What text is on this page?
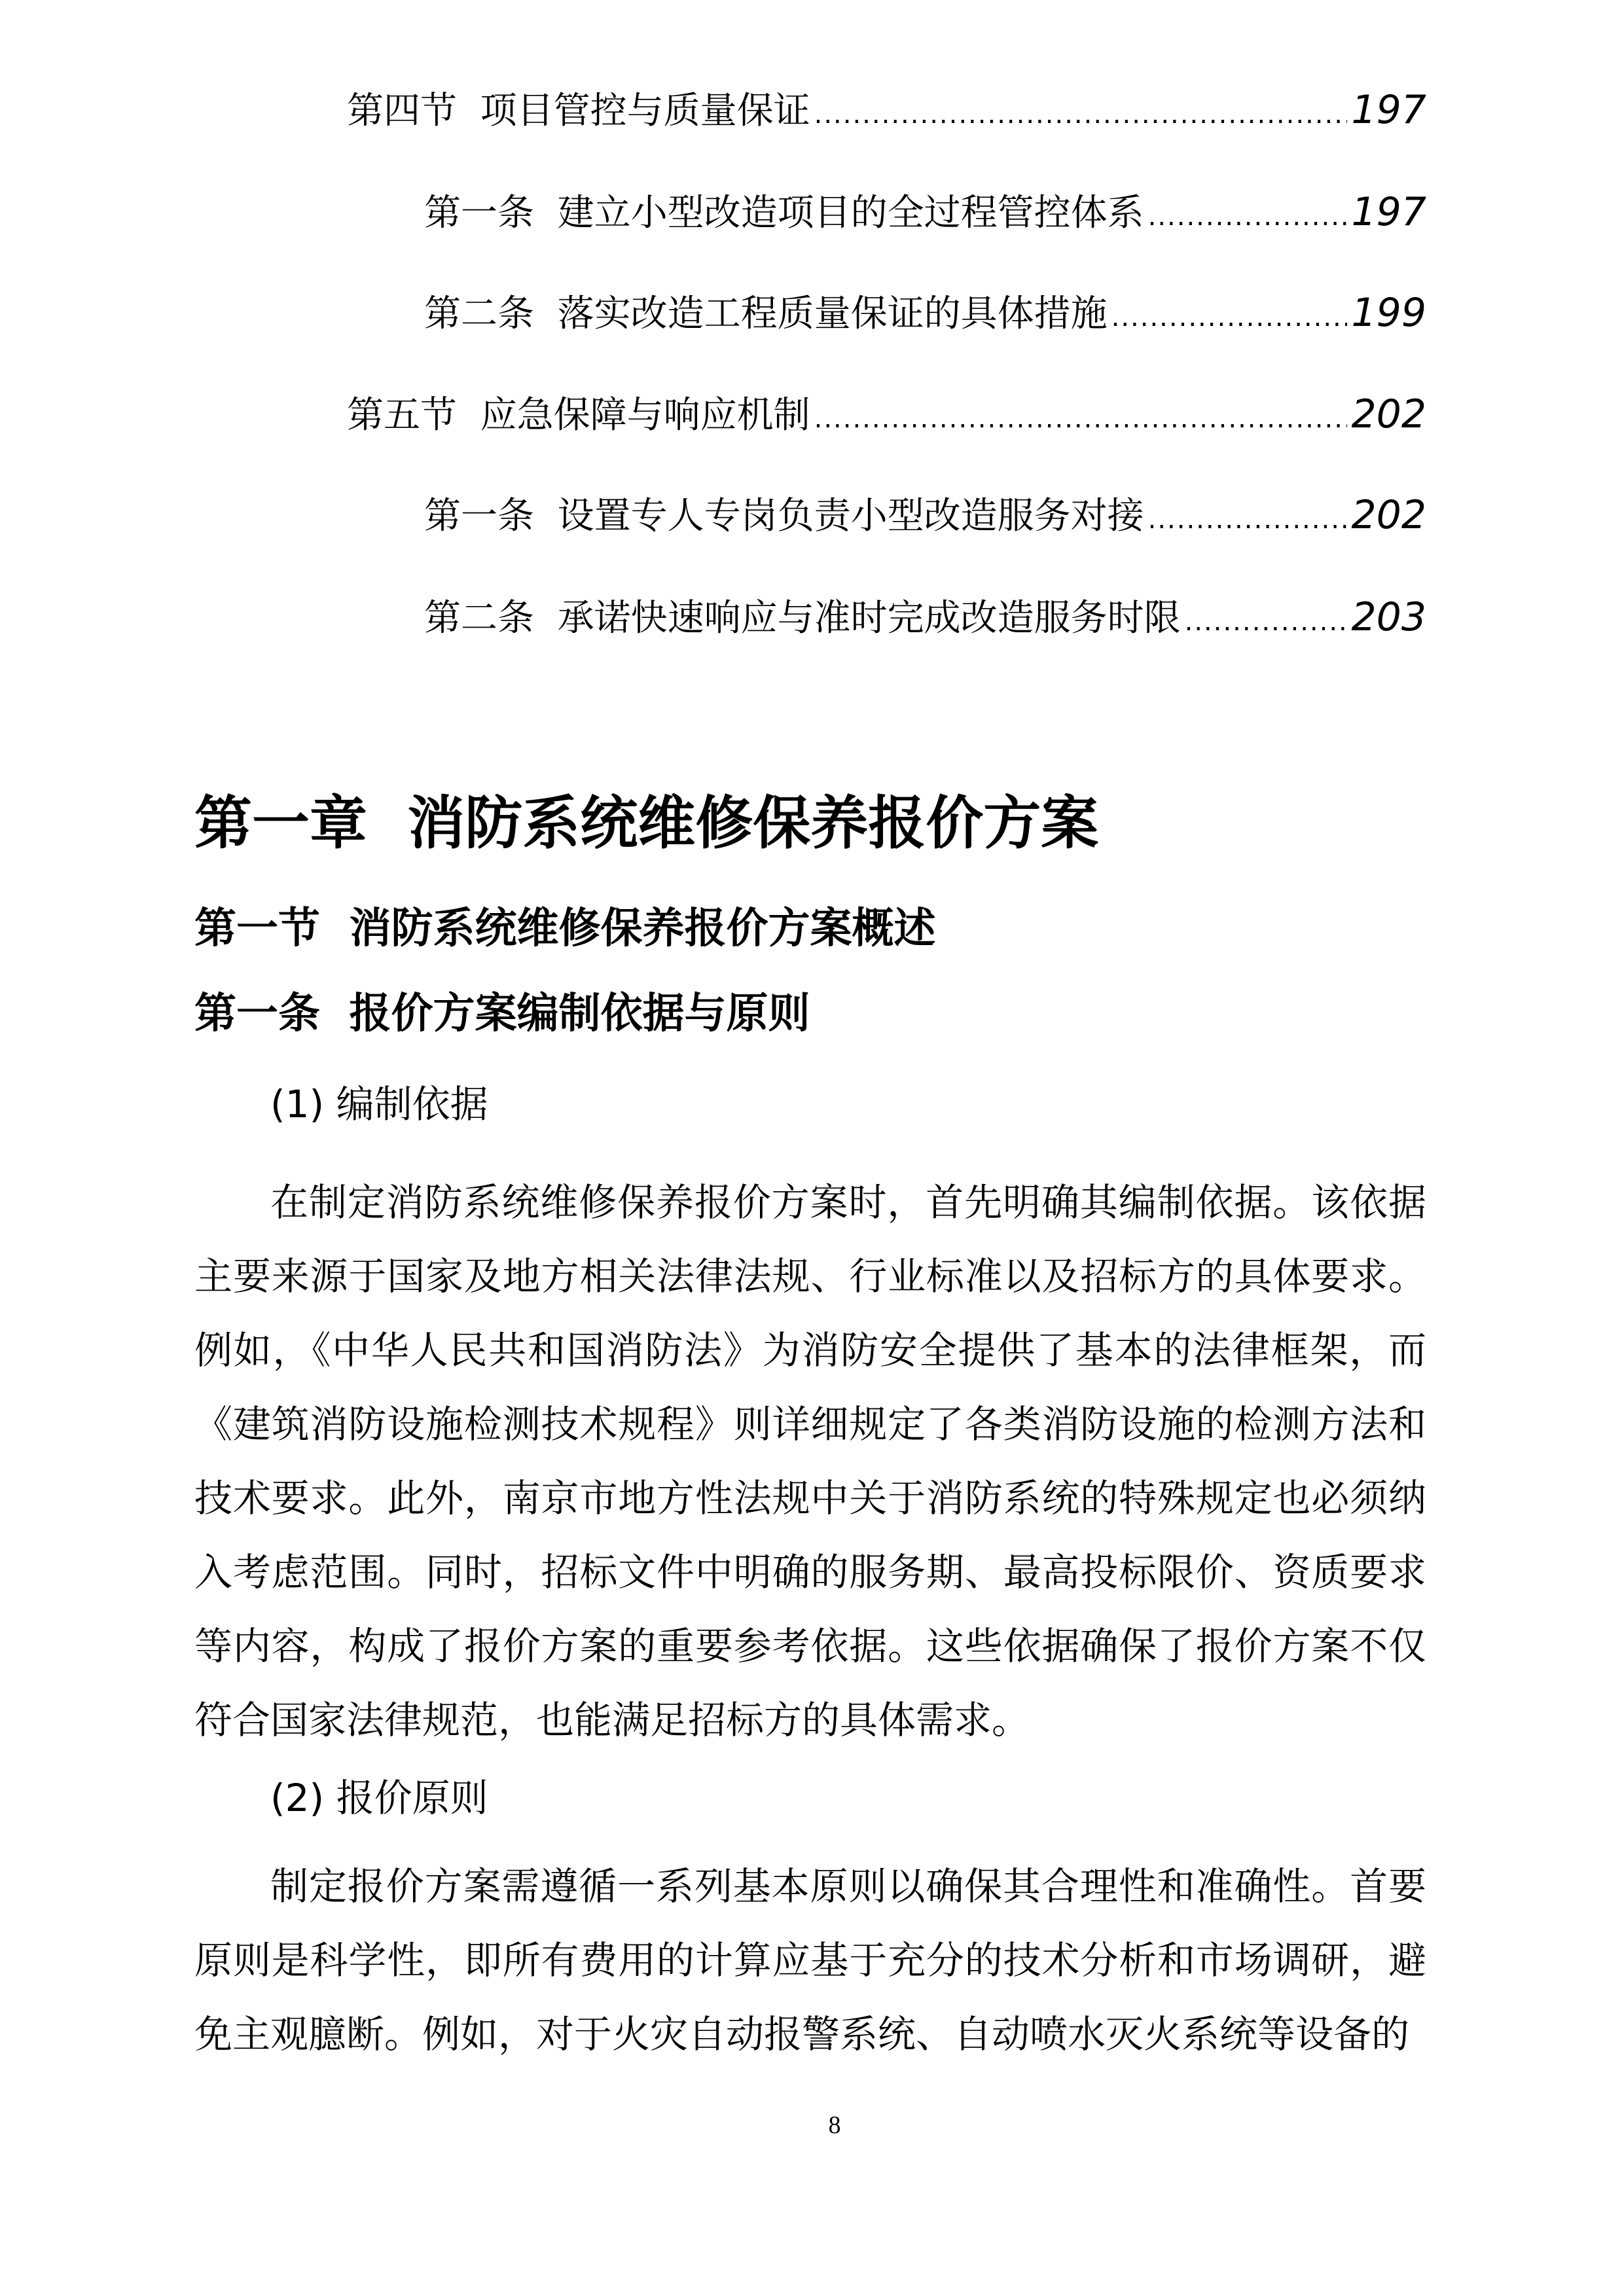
第四节  项目管控与质量保证 .....	197
第一条  建立小型改造项目的全过程管控体系 .....	197
第二条  落实改造工程质量保证的具体措施 .....	199
第五节  应急保障与响应机制 .....	202
第一条  设置专人专岗负责小型改造服务对接 .....	202
第二条  承诺快速响应与准时完成改造服务时限 .....	203
第一章  消防系统维修保养报价方案
第一节  消防系统维修保养报价方案概述
第一条  报价方案编制依据与原则
(1) 编制依据
在制定消防系统维修保养报价方案时，首先明确其编制依据。该依据主要来源于国家及地方相关法律法规、行业标准以及招标方的具体要求。例如，《中华人民共和国消防法》为消防安全提供了基本的法律框架，而《建筑消防设施检测技术规程》则详细规定了各类消防设施的检测方法和技术要求。此外，南京市地方性法规中关于消防系统的特殊规定也必须纳入考虑范围。同时，招标文件中明确的服务期、最高投标限价、资质要求等内容，构成了报价方案的重要参考依据。这些依据确保了报价方案不仅符合国家法律规范，也能满足招标方的具体需求。
(2) 报价原则
制定报价方案需遵循一系列基本原则以确保其合理性和准确性。首要原则是科学性，即所有费用的计算应基于充分的技术分析和市场调研，避免主观臆断。例如，对于火灾自动报警系统、自动喷水灭火系统等设备的
8
